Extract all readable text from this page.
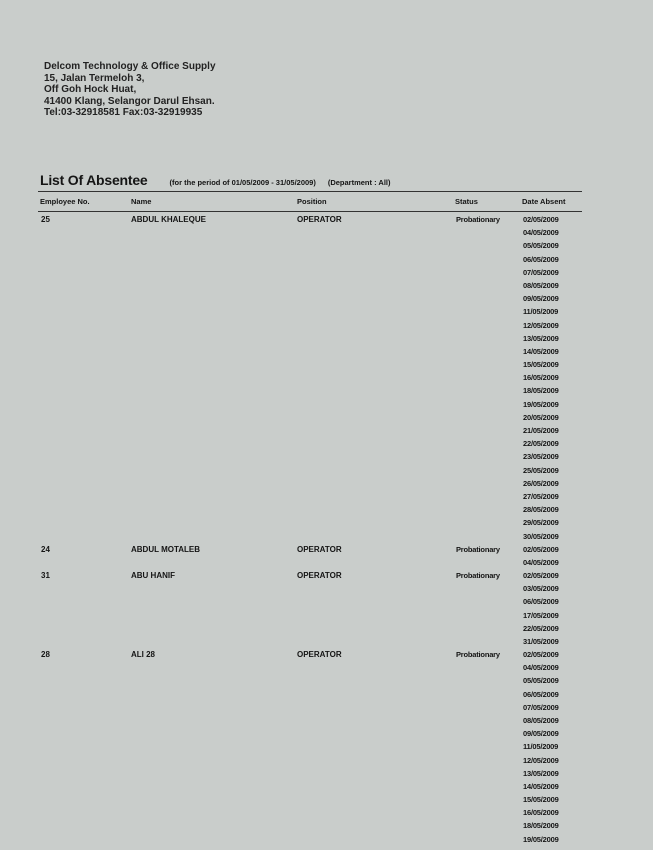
Delcom Technology & Office Supply
15, Jalan Termeloh 3,
Off Goh Hock Huat,
41400 Klang, Selangor Darul Ehsan.
Tel:03-32918581 Fax:03-32919935
List Of Absentee	(for the period of 01/05/2009 - 31/05/2009) (Department : All)
Employee No.	Name	Position	Status	Date Absent
25	ABDUL KHALEQUE	OPERATOR	Probationary	02/05/2009
04/05/2009
05/05/2009
06/05/2009
07/05/2009
08/05/2009
09/05/2009
11/05/2009
12/05/2009
13/05/2009
14/05/2009
15/05/2009
16/05/2009
18/05/2009
19/05/2009
20/05/2009
21/05/2009
22/05/2009
23/05/2009
25/05/2009
26/05/2009
27/05/2009
28/05/2009
29/05/2009
30/05/2009
24	ABDUL MOTALEB	OPERATOR	Probationary	02/05/2009
04/05/2009
31	ABU HANIF	OPERATOR	Probationary	02/05/2009
03/05/2009
06/05/2009
17/05/2009
22/05/2009
31/05/2009
28	ALI 28	OPERATOR	Probationary	02/05/2009
04/05/2009
05/05/2009
06/05/2009
07/05/2009
08/05/2009
09/05/2009
11/05/2009
12/05/2009
13/05/2009
14/05/2009
15/05/2009
16/05/2009
18/05/2009
19/05/2009
